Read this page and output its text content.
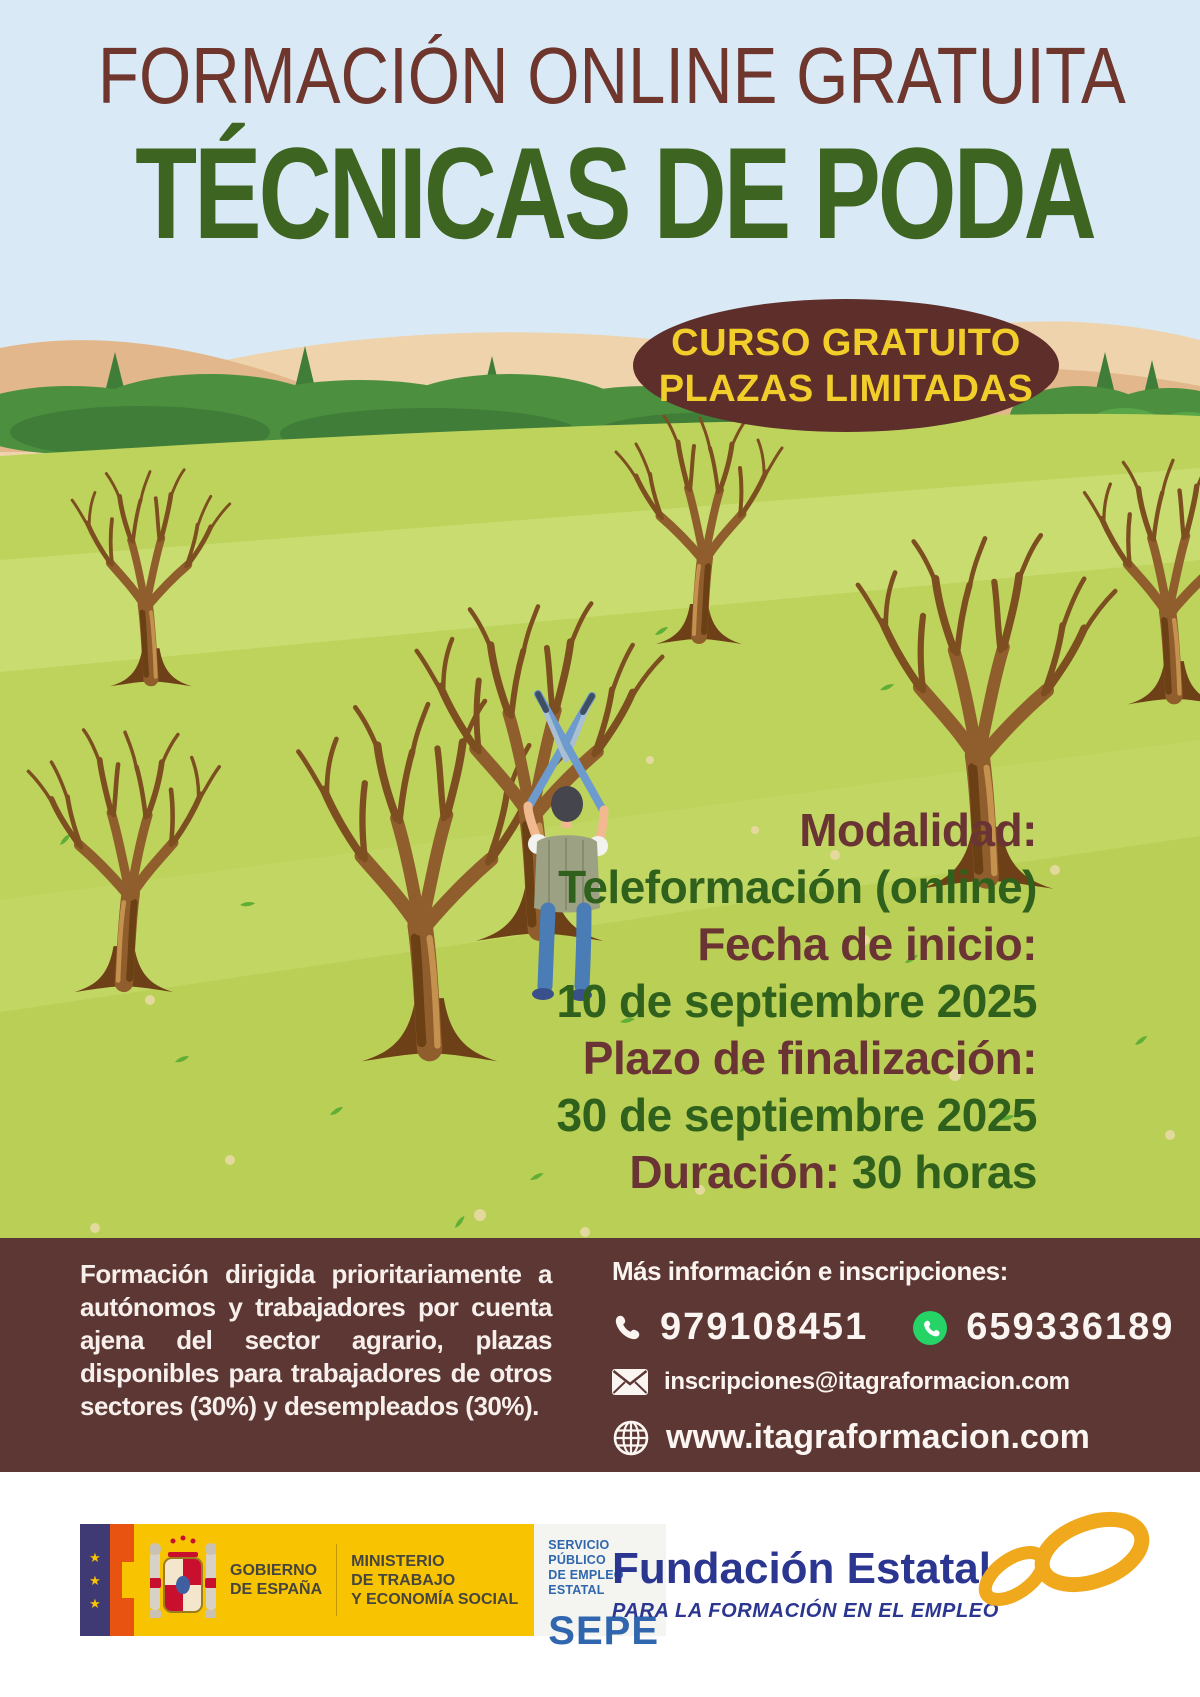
FORMACIÓN ONLINE GRATUITA
TÉCNICAS DE PODA
CURSO GRATUITO
PLAZAS LIMITADAS
Modalidad:
Teleformación (online)
Fecha de inicio:
10 de septiembre 2025
Plazo de finalización:
30 de septiembre 2025
Duración: 30 horas
Formación dirigida prioritariamente a autónomos y trabajadores por cuenta ajena del sector agrario, plazas disponibles para trabajadores de otros sectores (30%) y desempleados (30%).
Más información e inscripciones:
979108451	659336189
inscripciones@itagraformacion.com
www.itagraformacion.com
★
★
★
GOBIERNO
DE ESPAÑA
MINISTERIO
DE TRABAJO
Y ECONOMÍA SOCIAL
SERVICIO PÚBLICO
DE EMPLEO ESTATAL
SEPE
Fundación Estatal
PARA LA FORMACIÓN EN EL EMPLEO
